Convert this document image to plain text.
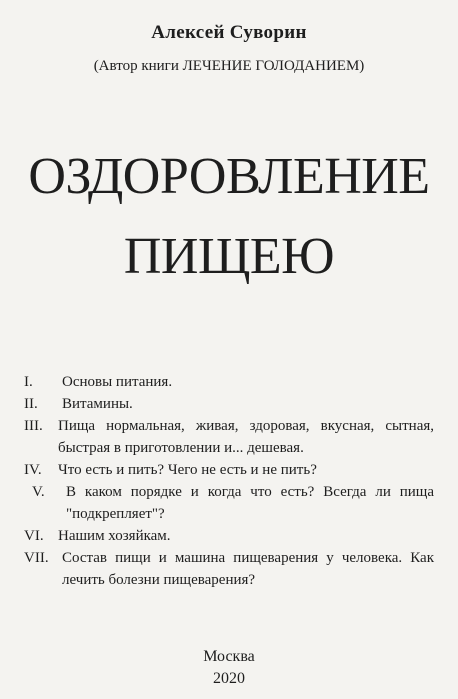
Алексей Суворин
(Автор книги ЛЕЧЕНИЕ ГОЛОДАНИЕМ)
ОЗДОРОВЛЕНИЕ
ПИЩЕЮ
I.	Основы питания.
II.	Витамины.
III.	Пища нормальная, живая, здоровая, вкусная, сытная, быстрая в приготовлении и... дешевая.
IV.	Что есть и пить? Чего не есть и не пить?
V.	В каком порядке и когда что есть? Всегда ли пища "подкрепляет"?
VI. Нашим хозяйкам.
VII. Состав пищи и машина пищеварения у человека. Как лечить болезни пищеварения?
Москва
2020
